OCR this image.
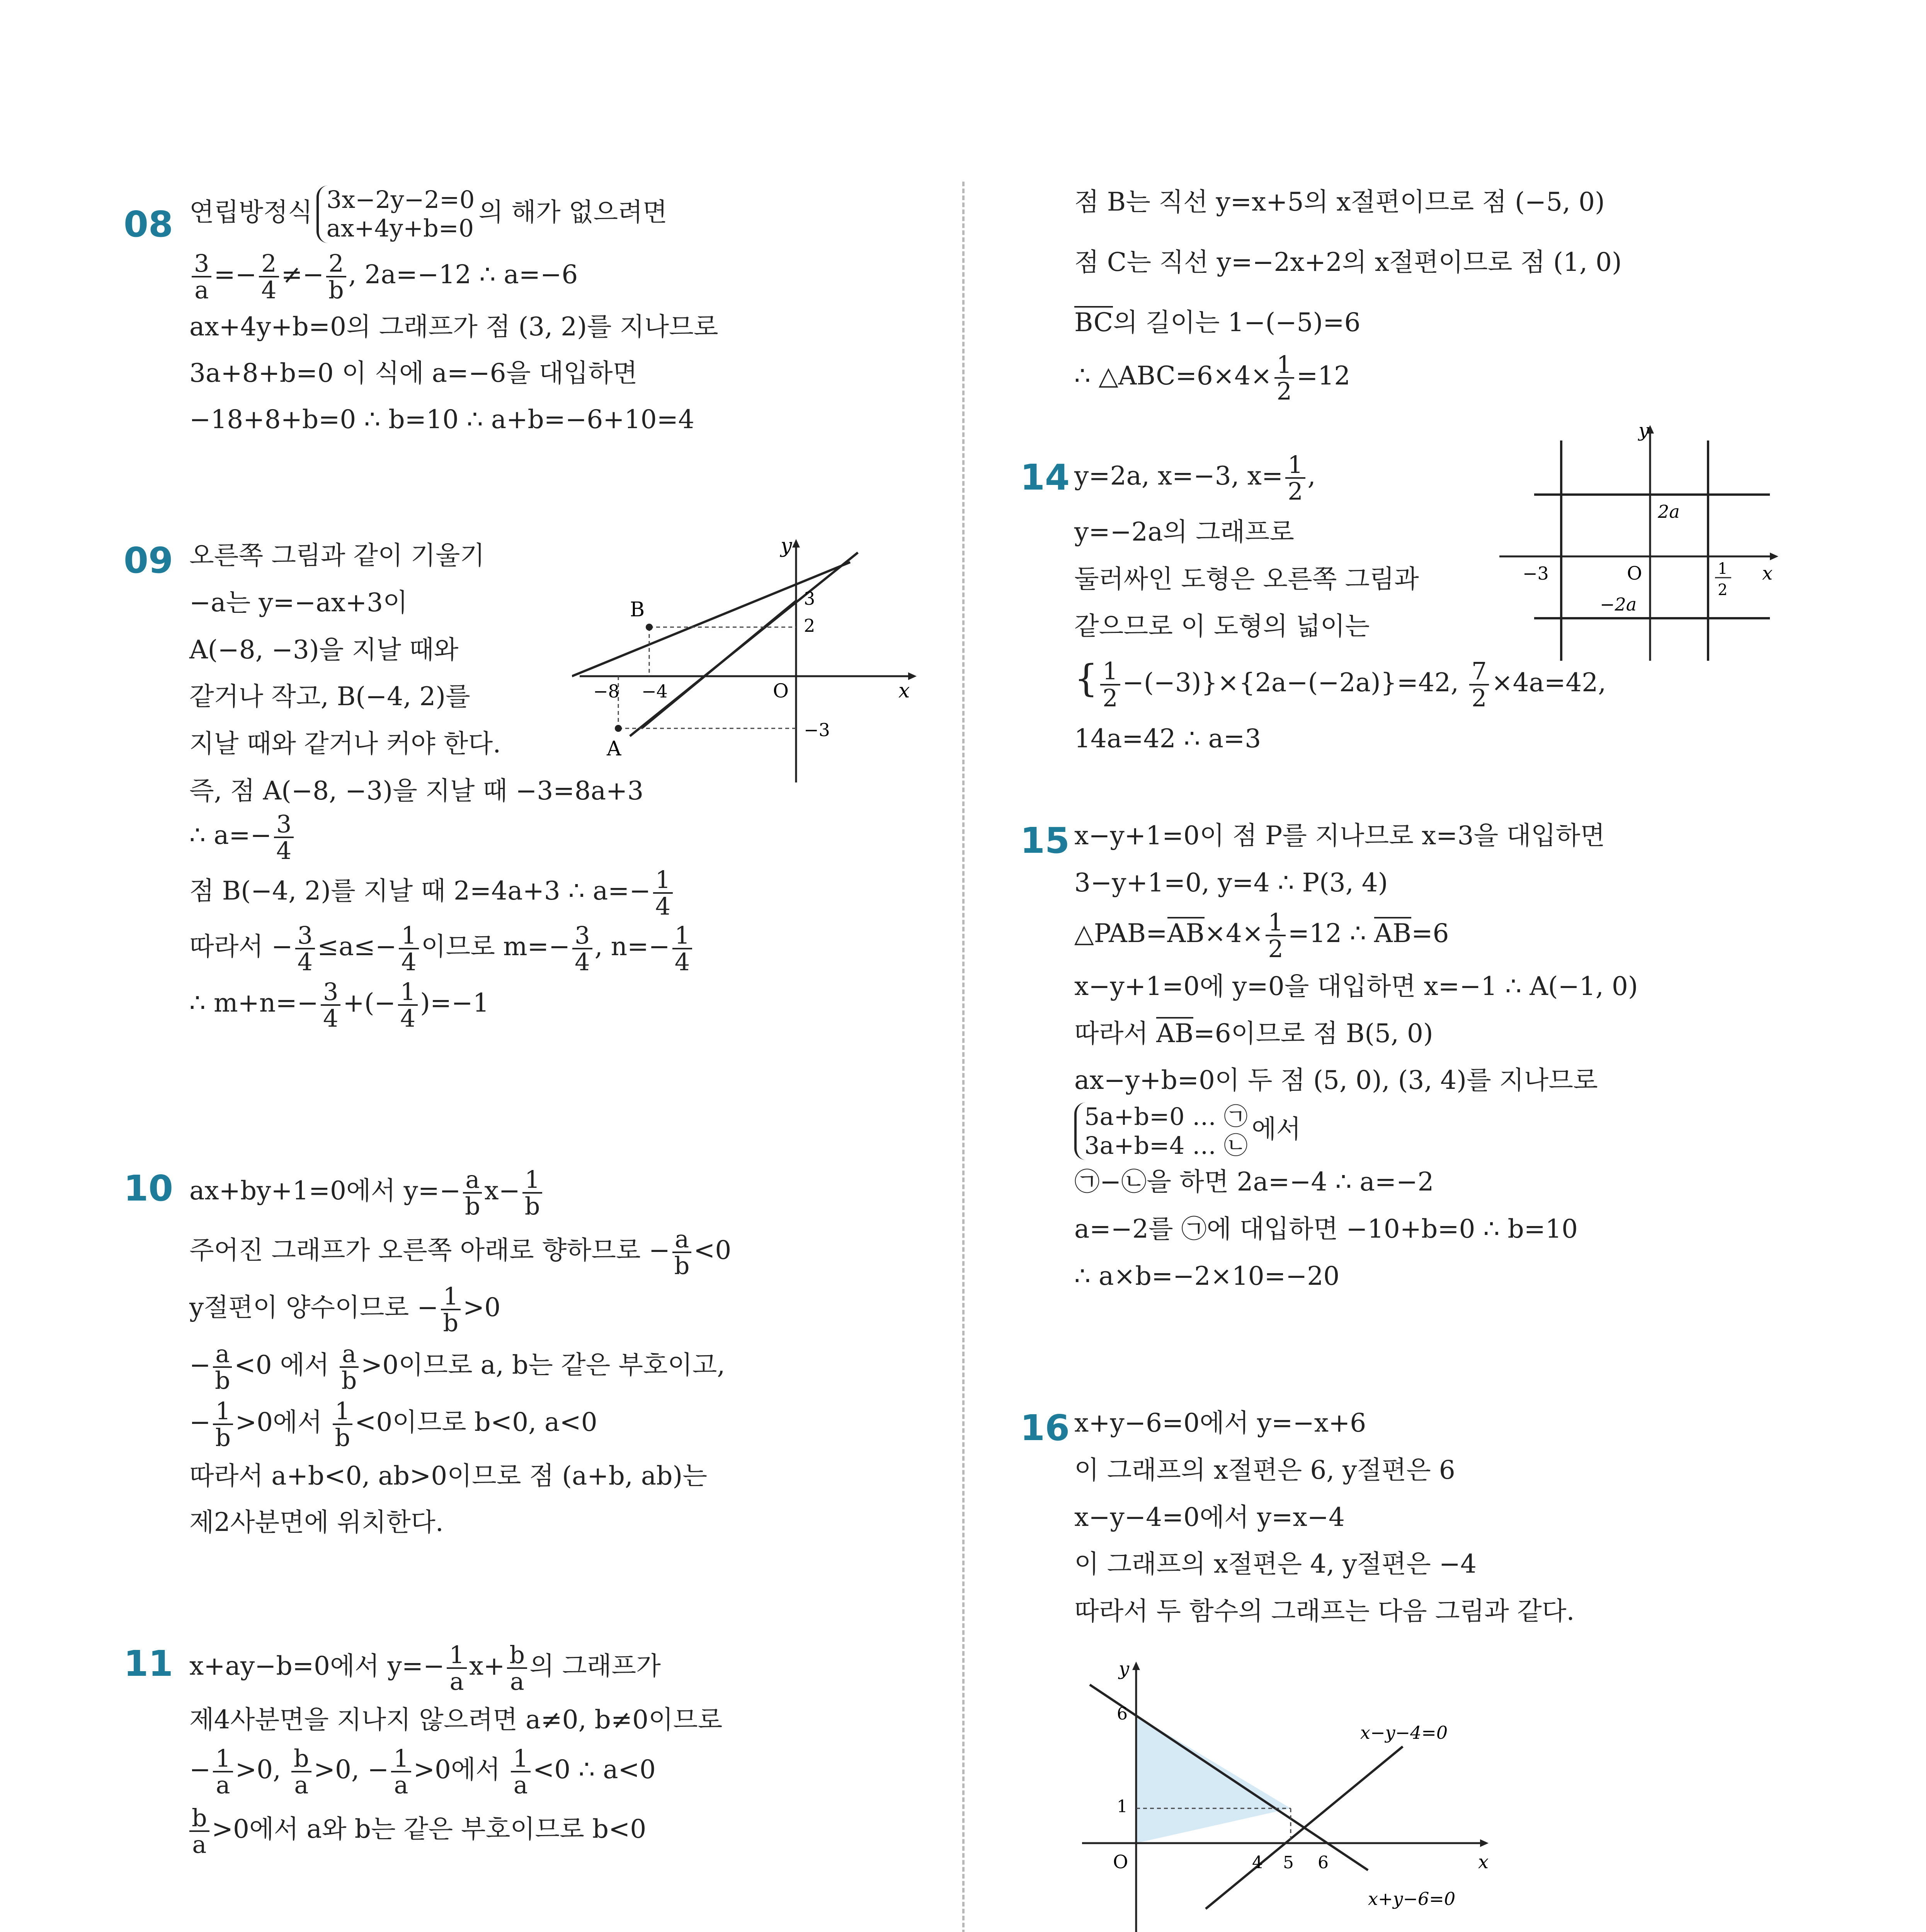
08 연립방정식 3x−2y−2=0
ax+4y+b=0
의 해가 없으려면
$\frac{3}{a} =- \frac{2}{4} \ne- \frac{2}{b}$ , 2a=−12 ∴ a=−6
ax+4y+b=0의 그래프가 점 (3, 2)를 지나므로
3a+8+b=0 이 식에 a=−6을 대입하면
−18+8+b=0 ∴ b=10 ∴ a+b=−6+10=4
09 오른쪽 그림과 같이 기울기
−a는 y=−ax+3이
A(−8, −3)을 지날 때와
같거나 작고, B(−4, 2)를
지날 때와 같거나 커야 한다.
즉, 점 A(−8, −3)을 지날 때 −3=8a+3
∴ $a=- \frac{3}{4}$
점 B(−4, 2)를 지날 때 2=4a+3 ∴ $a=- \frac{1}{4}$
따라서 − $\frac{3}{4} \le a\le- \frac{1}{4}$ 이므로 $m=- \frac{3}{4}$ , $n=- \frac{1}{4}$
∴ $m+n=- \frac{3}{4}$ +(− $\frac{1}{4} )=-1$
y
x
O
B
A
3
2
−3
−8 −4
10 ax+by+1=0에서 $y=- \frac{a}{b} x- \frac{1}{b}$
주어진 그래프가 오른쪽 아래로 향하므로 − $\frac{a}{b} <0$
y절편이 양수이므로 − $\frac{1}{b} >0$
− $\frac{a}{b} <0$ 에서 $\frac{a}{b} >0$이므로 a, b는 같은 부호이고,
− $\frac{1}{b} >0$에서 $\frac{1}{b} <0$이므로 b<0, a<0
따라서 a+b<0, ab>0이므로 점 (a+b, ab)는
제2사분면에 위치한다.
11 x+ay−b=0에서 $y=- \frac{1}{a} x+ \frac{b}{a}$ 의 그래프가
제4사분면을 지나지 않으려면 a≠0, b≠0이므로
− $\frac{1}{a} >0$, $\frac{b}{a} >0$, − $\frac{1}{a} >0$에서 $\frac{1}{a} <0$ ∴ a<0
$\frac{b}{a} >0$에서 a와 b는 같은 부호이므로 b<0
점 B는 직선 y=x+5의 x절편이므로 점 (−5, 0)
점 C는 직선 y=−2x+2의 x절편이므로 점 (1, 0)
BC의 길이는 1−(−5)=6
∴ △ABC=6×4× $\frac{1}{2} =12$
14 y=2a, x=−3, $x= \frac{1}{2}$ ,
y=−2a의 그래프로
둘러싸인 도형은 오른쪽 그림과
같으므로 이 도형의 넓이는
{ $\frac{1}{2} -(-3)\}\times\{2a-(-2a)\}=42$, $\frac{7}{2} \times 4a=42$,
14a=42 ∴ a=3
y
x
O
2a
−2a
−3	1
2
15 x−y+1=0이 점 P를 지나므로 x=3을 대입하면
3−y+1=0, y=4 ∴ P(3, 4)
△PAB=AB×4× $\frac{1}{2} =12$ ∴ AB=6
x−y+1=0에 y=0을 대입하면 x=−1 ∴ A(−1, 0)
따라서 AB=6이므로 점 B(5, 0)
ax−y+b=0이 두 점 (5, 0), (3, 4)를 지나므로
5a+b=0 … ㉠
3a+b=4 … ㉡
에서
㉠−㉡을 하면 2a=−4 ∴ a=−2
a=−2를 ㉠에 대입하면 −10+b=0 ∴ b=10
∴ a×b=−2×10=−20
16 x+y−6=0에서 y=−x+6
이 그래프의 x절편은 6, y절편은 6
x−y−4=0에서 y=x−4
이 그래프의 x절편은 4, y절편은 −4
따라서 두 함수의 그래프는 다음 그림과 같다.
y
x
O
6
1
4 5 6
x−y−4=0
x+y−6=0
